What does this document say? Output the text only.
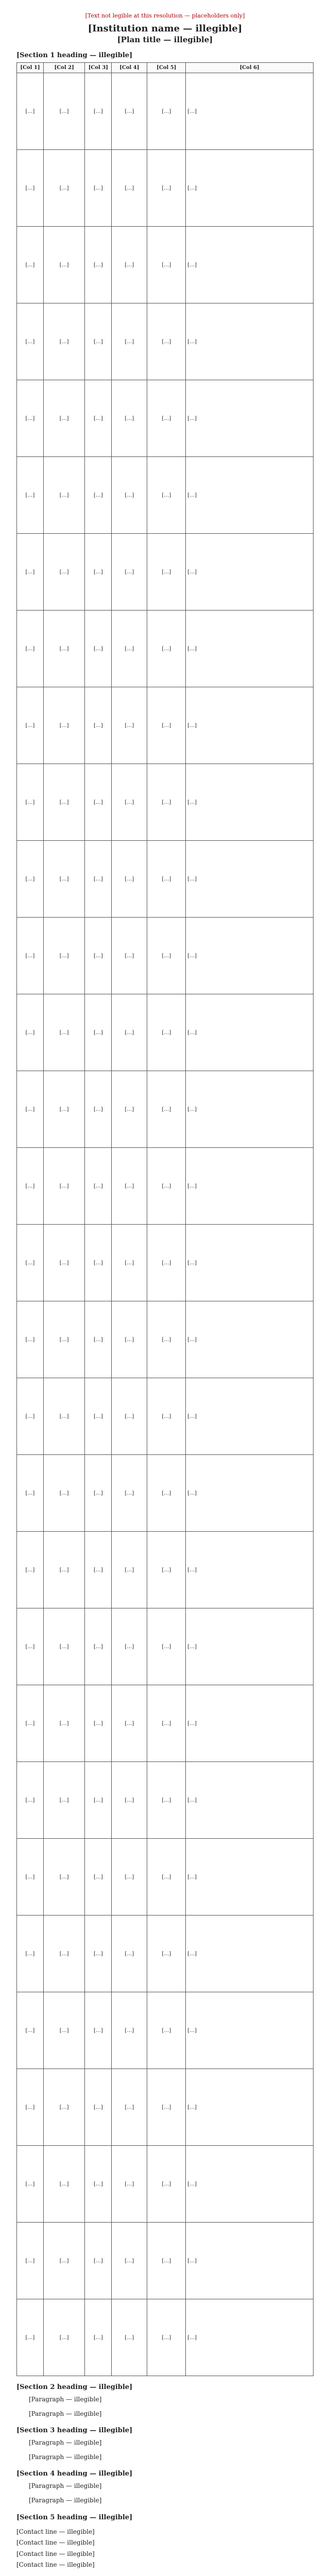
[Text not legible at this resolution — placeholders only]
[Institution name — illegible]
[Plan title — illegible]
[Section 1 heading — illegible]
[Col 1]	[Col 2]	[Col 3]	[Col 4]	[Col 5]	[Col 6]
[…]	[…]	[…]	[…]	[…]	[…]
[…]	[…]	[…]	[…]	[…]	[…]
[…]	[…]	[…]	[…]	[…]	[…]
[…]	[…]	[…]	[…]	[…]	[…]
[…]	[…]	[…]	[…]	[…]	[…]
[…]	[…]	[…]	[…]	[…]	[…]
[…]	[…]	[…]	[…]	[…]	[…]
[…]	[…]	[…]	[…]	[…]	[…]
[…]	[…]	[…]	[…]	[…]	[…]
[…]	[…]	[…]	[…]	[…]	[…]
[…]	[…]	[…]	[…]	[…]	[…]
[…]	[…]	[…]	[…]	[…]	[…]
[…]	[…]	[…]	[…]	[…]	[…]
[…]	[…]	[…]	[…]	[…]	[…]
[…]	[…]	[…]	[…]	[…]	[…]
[…]	[…]	[…]	[…]	[…]	[…]
[…]	[…]	[…]	[…]	[…]	[…]
[…]	[…]	[…]	[…]	[…]	[…]
[…]	[…]	[…]	[…]	[…]	[…]
[…]	[…]	[…]	[…]	[…]	[…]
[…]	[…]	[…]	[…]	[…]	[…]
[…]	[…]	[…]	[…]	[…]	[…]
[…]	[…]	[…]	[…]	[…]	[…]
[…]	[…]	[…]	[…]	[…]	[…]
[…]	[…]	[…]	[…]	[…]	[…]
[…]	[…]	[…]	[…]	[…]	[…]
[…]	[…]	[…]	[…]	[…]	[…]
[…]	[…]	[…]	[…]	[…]	[…]
[…]	[…]	[…]	[…]	[…]	[…]
[…]	[…]	[…]	[…]	[…]	[…]
[Section 2 heading — illegible]

[Paragraph — illegible]

[Paragraph — illegible]

[Section 3 heading — illegible]

[Paragraph — illegible]

[Paragraph — illegible]

[Section 4 heading — illegible]

[Paragraph — illegible]

[Paragraph — illegible]

[Section 5 heading — illegible]
[Contact line — illegible]
[Contact line — illegible]
[Contact line — illegible]
[Contact line — illegible]
